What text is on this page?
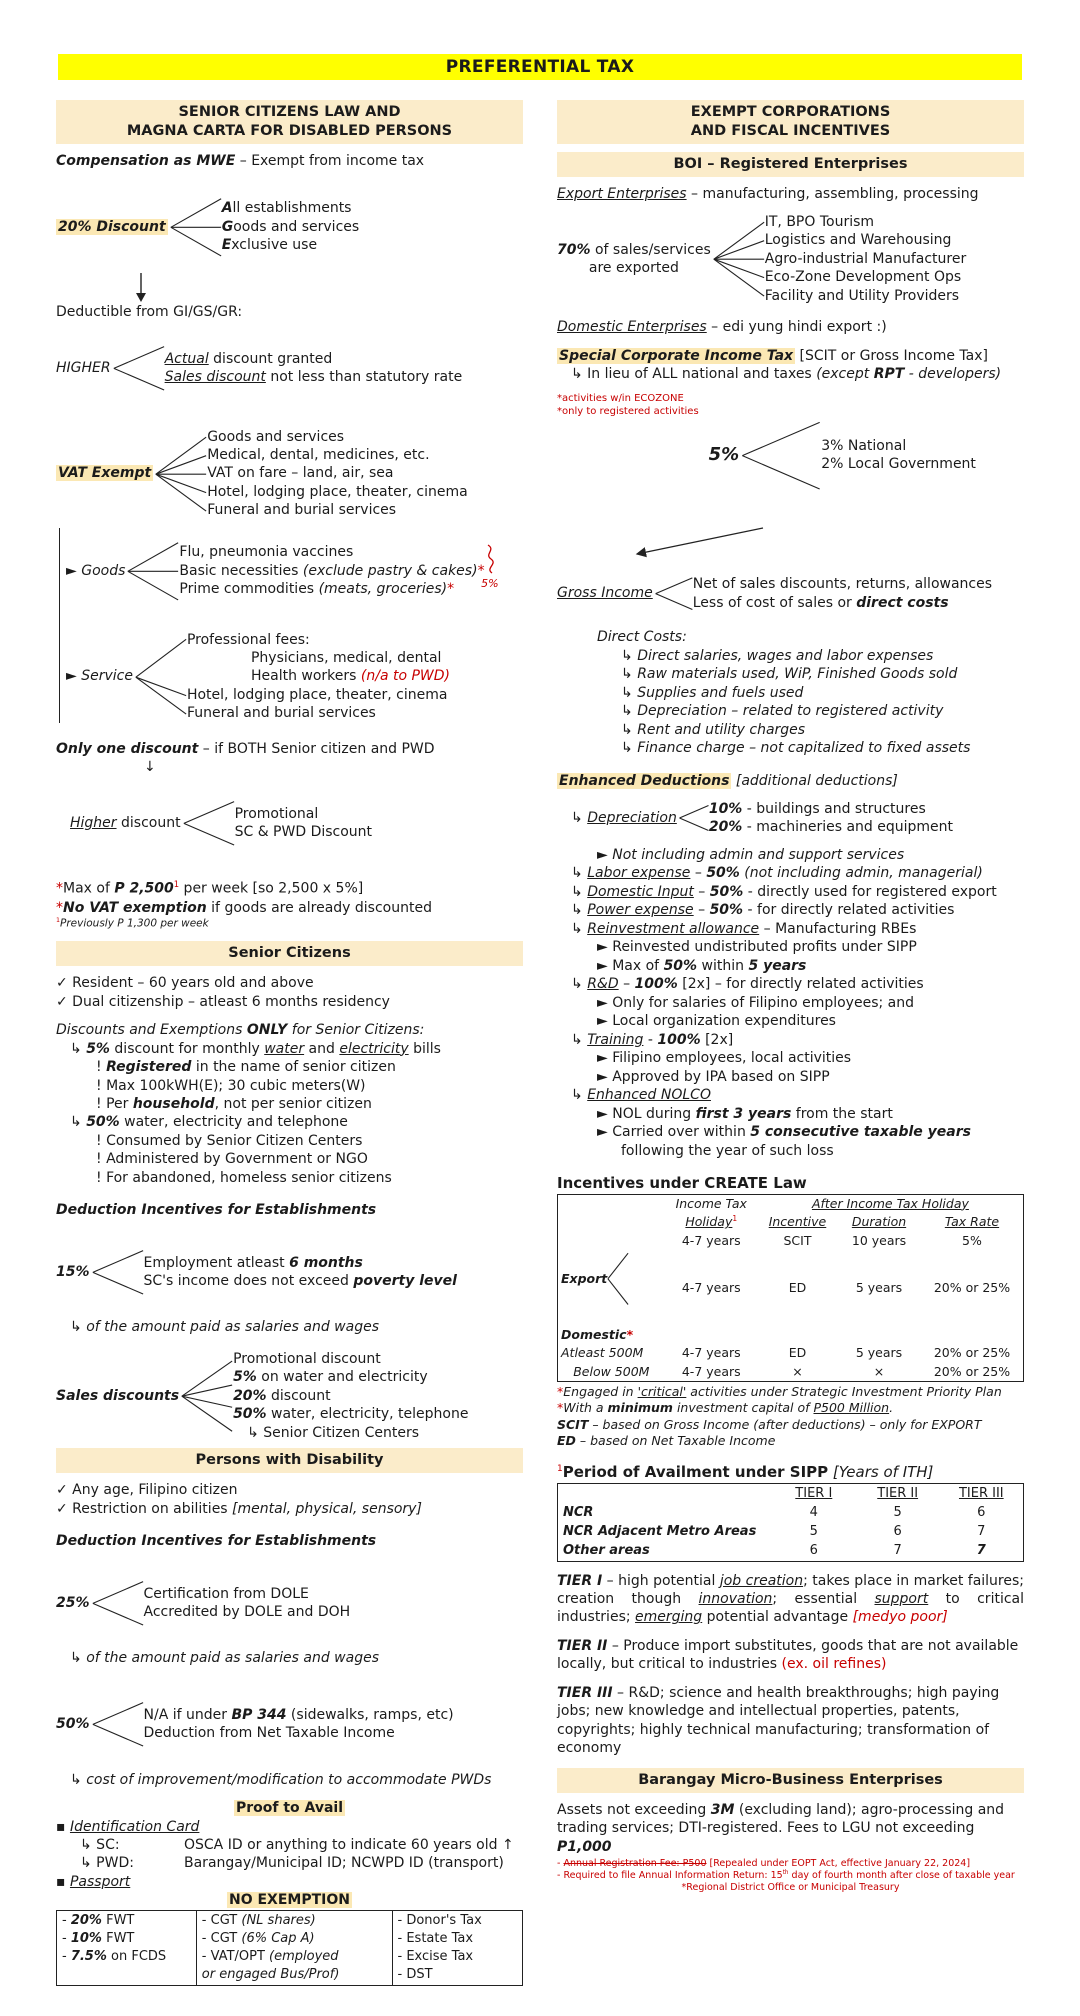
PREFERENTIAL TAX
SENIOR CITIZENS LAW AND
MAGNA CARTA FOR DISABLED PERSONS
Compensation as MWE – Exempt from income tax
20% Discount
All establishments
Goods and services
Exclusive use
Deductible from GI/GS/GR:
HIGHER
Actual discount granted
Sales discount not less than statutory rate
VAT Exempt
Goods and services
Medical, dental, medicines, etc.
VAT on fare – land, air, sea
Hotel, lodging place, theater, cinema
Funeral and burial services
► Goods
Flu, pneumonia vaccines
Basic necessities (exclude pastry & cakes)*
Prime commodities (meats, groceries)*	5%
► Service
Professional fees:
Physicians, medical, dental
Health workers (n/a to PWD)
Hotel, lodging place, theater, cinema
Funeral and burial services
Only one discount – if BOTH Senior citizen and PWD
↓
Higher discount
Promotional
SC & PWD Discount
*Max of P 2,500$^1$ per week [so 2,500 x 5%]
*No VAT exemption if goods are already discounted
$^1$Previously P 1,300 per week
Senior Citizens
✓ Resident – 60 years old and above
✓ Dual citizenship – atleast 6 months residency
Discounts and Exemptions ONLY for Senior Citizens:
↳ 5% discount for monthly water and electricity bills
! Registered in the name of senior citizen
! Max 100kWH(E); 30 cubic meters(W)
! Per household, not per senior citizen
↳ 50% water, electricity and telephone
! Consumed by Senior Citizen Centers
! Administered by Government or NGO
! For abandoned, homeless senior citizens
Deduction Incentives for Establishments
15%
Employment atleast 6 months
SC's income does not exceed poverty level
↳ of the amount paid as salaries and wages
Sales discounts
Promotional discount
5% on water and electricity
20% discount
50% water, electricity, telephone
↳ Senior Citizen Centers
Persons with Disability
✓ Any age, Filipino citizen
✓ Restriction on abilities [mental, physical, sensory]
Deduction Incentives for Establishments
25%
Certification from DOLE
Accredited by DOLE and DOH
↳ of the amount paid as salaries and wages
50%
N/A if under BP 344 (sidewalks, ramps, etc)
Deduction from Net Taxable Income
↳ cost of improvement/modification to accommodate PWDs
Proof to Avail
▪ Identification Card
↳ SC:	OSCA ID or anything to indicate 60 years old ↑
↳ PWD:	Barangay/Municipal ID; NCWPD ID (transport)
▪ Passport
NO EXEMPTION
- 20% FWT
- 10% FWT
- 7.5% on FCDS

- CGT (NL shares)
- CGT (6% Cap A)
- VAT/OPT (employed
or engaged Bus/Prof)

- Donor's Tax
- Estate Tax
- Excise Tax
- DST
EXEMPT CORPORATIONS
AND FISCAL INCENTIVES
BOI – Registered Enterprises
Export Enterprises – manufacturing, assembling, processing
70% of sales/services
are exported
IT, BPO Tourism
Logistics and Warehousing
Agro-industrial Manufacturer
Eco-Zone Development Ops
Facility and Utility Providers
Domestic Enterprises – edi yung hindi export :)
Special Corporate Income Tax [SCIT or Gross Income Tax]
↳ In lieu of ALL national and taxes (except RPT - developers)
*activities w/in ECOZONE
*only to registered activities
5%	3% National
2% Local Government
Gross Income
Net of sales discounts, returns, allowances
Less of cost of sales or direct costs
Direct Costs:
↳ Direct salaries, wages and labor expenses
↳ Raw materials used, WiP, Finished Goods sold
↳ Supplies and fuels used
↳ Depreciation – related to registered activity
↳ Rent and utility charges
↳ Finance charge – not capitalized to fixed assets
Enhanced Deductions [additional deductions]
↳ Depreciation
10% - buildings and structures
20% - machineries and equipment
► Not including admin and support services
↳ Labor expense – 50% (not including admin, managerial)
↳ Domestic Input – 50% - directly used for registered export
↳ Power expense – 50% - for directly related activities
↳ Reinvestment allowance – Manufacturing RBEs
► Reinvested undistributed profits under SIPP
► Max of 50% within 5 years
↳ R&D – 100% [2x] – for directly related activities
► Only for salaries of Filipino employees; and
► Local organization expenditures
↳ Training - 100% [2x]
► Filipino employees, local activities
► Approved by IPA based on SIPP
↳ Enhanced NOLCO
► NOL during first 3 years from the start
► Carried over within 5 consecutive taxable years
following the year of such loss
Incentives under CREATE Law
	Income Tax	After Income Tax Holiday		
	Holiday$^1$	Incentive	Duration	Tax Rate

Export	4-7 years	SCIT	10 years	5%
	4-7 years	ED	5 years	20% or 25%
Domestic*				
Atleast 500M	4-7 years	ED	5 years	20% or 25%
Below 500M	4-7 years	×	×	20% or 25%
*Engaged in 'critical' activities under Strategic Investment Priority Plan
*With a minimum investment capital of P500 Million.
SCIT – based on Gross Income (after deductions) – only for EXPORT
ED – based on Net Taxable Income
$^1$Period of Availment under SIPP [Years of ITH]
	TIER I	TIER II	TIER III
NCR	4	5	6
NCR Adjacent Metro Areas	5	6	7
Other areas	6	7	7
TIER I – high potential job creation; takes place in market failures; creation though innovation; essential support to critical industries; emerging potential advantage [medyo poor]
TIER II – Produce import substitutes, goods that are not available locally, but critical to industries (ex. oil refines)
TIER III – R&D; science and health breakthroughs; high paying jobs; new knowledge and intellectual properties, patents, copyrights; highly technical manufacturing; transformation of economy
Barangay Micro-Business Enterprises
Assets not exceeding 3M (excluding land); agro-processing and trading services; DTI-registered. Fees to LGU not exceeding P1,000
- Annual Registration Fee: P500 [Repealed under EOPT Act, effective January 22, 2024]
- Required to file Annual Information Return: 15th day of fourth month after close of taxable year
*Regional District Office or Municipal Treasury
